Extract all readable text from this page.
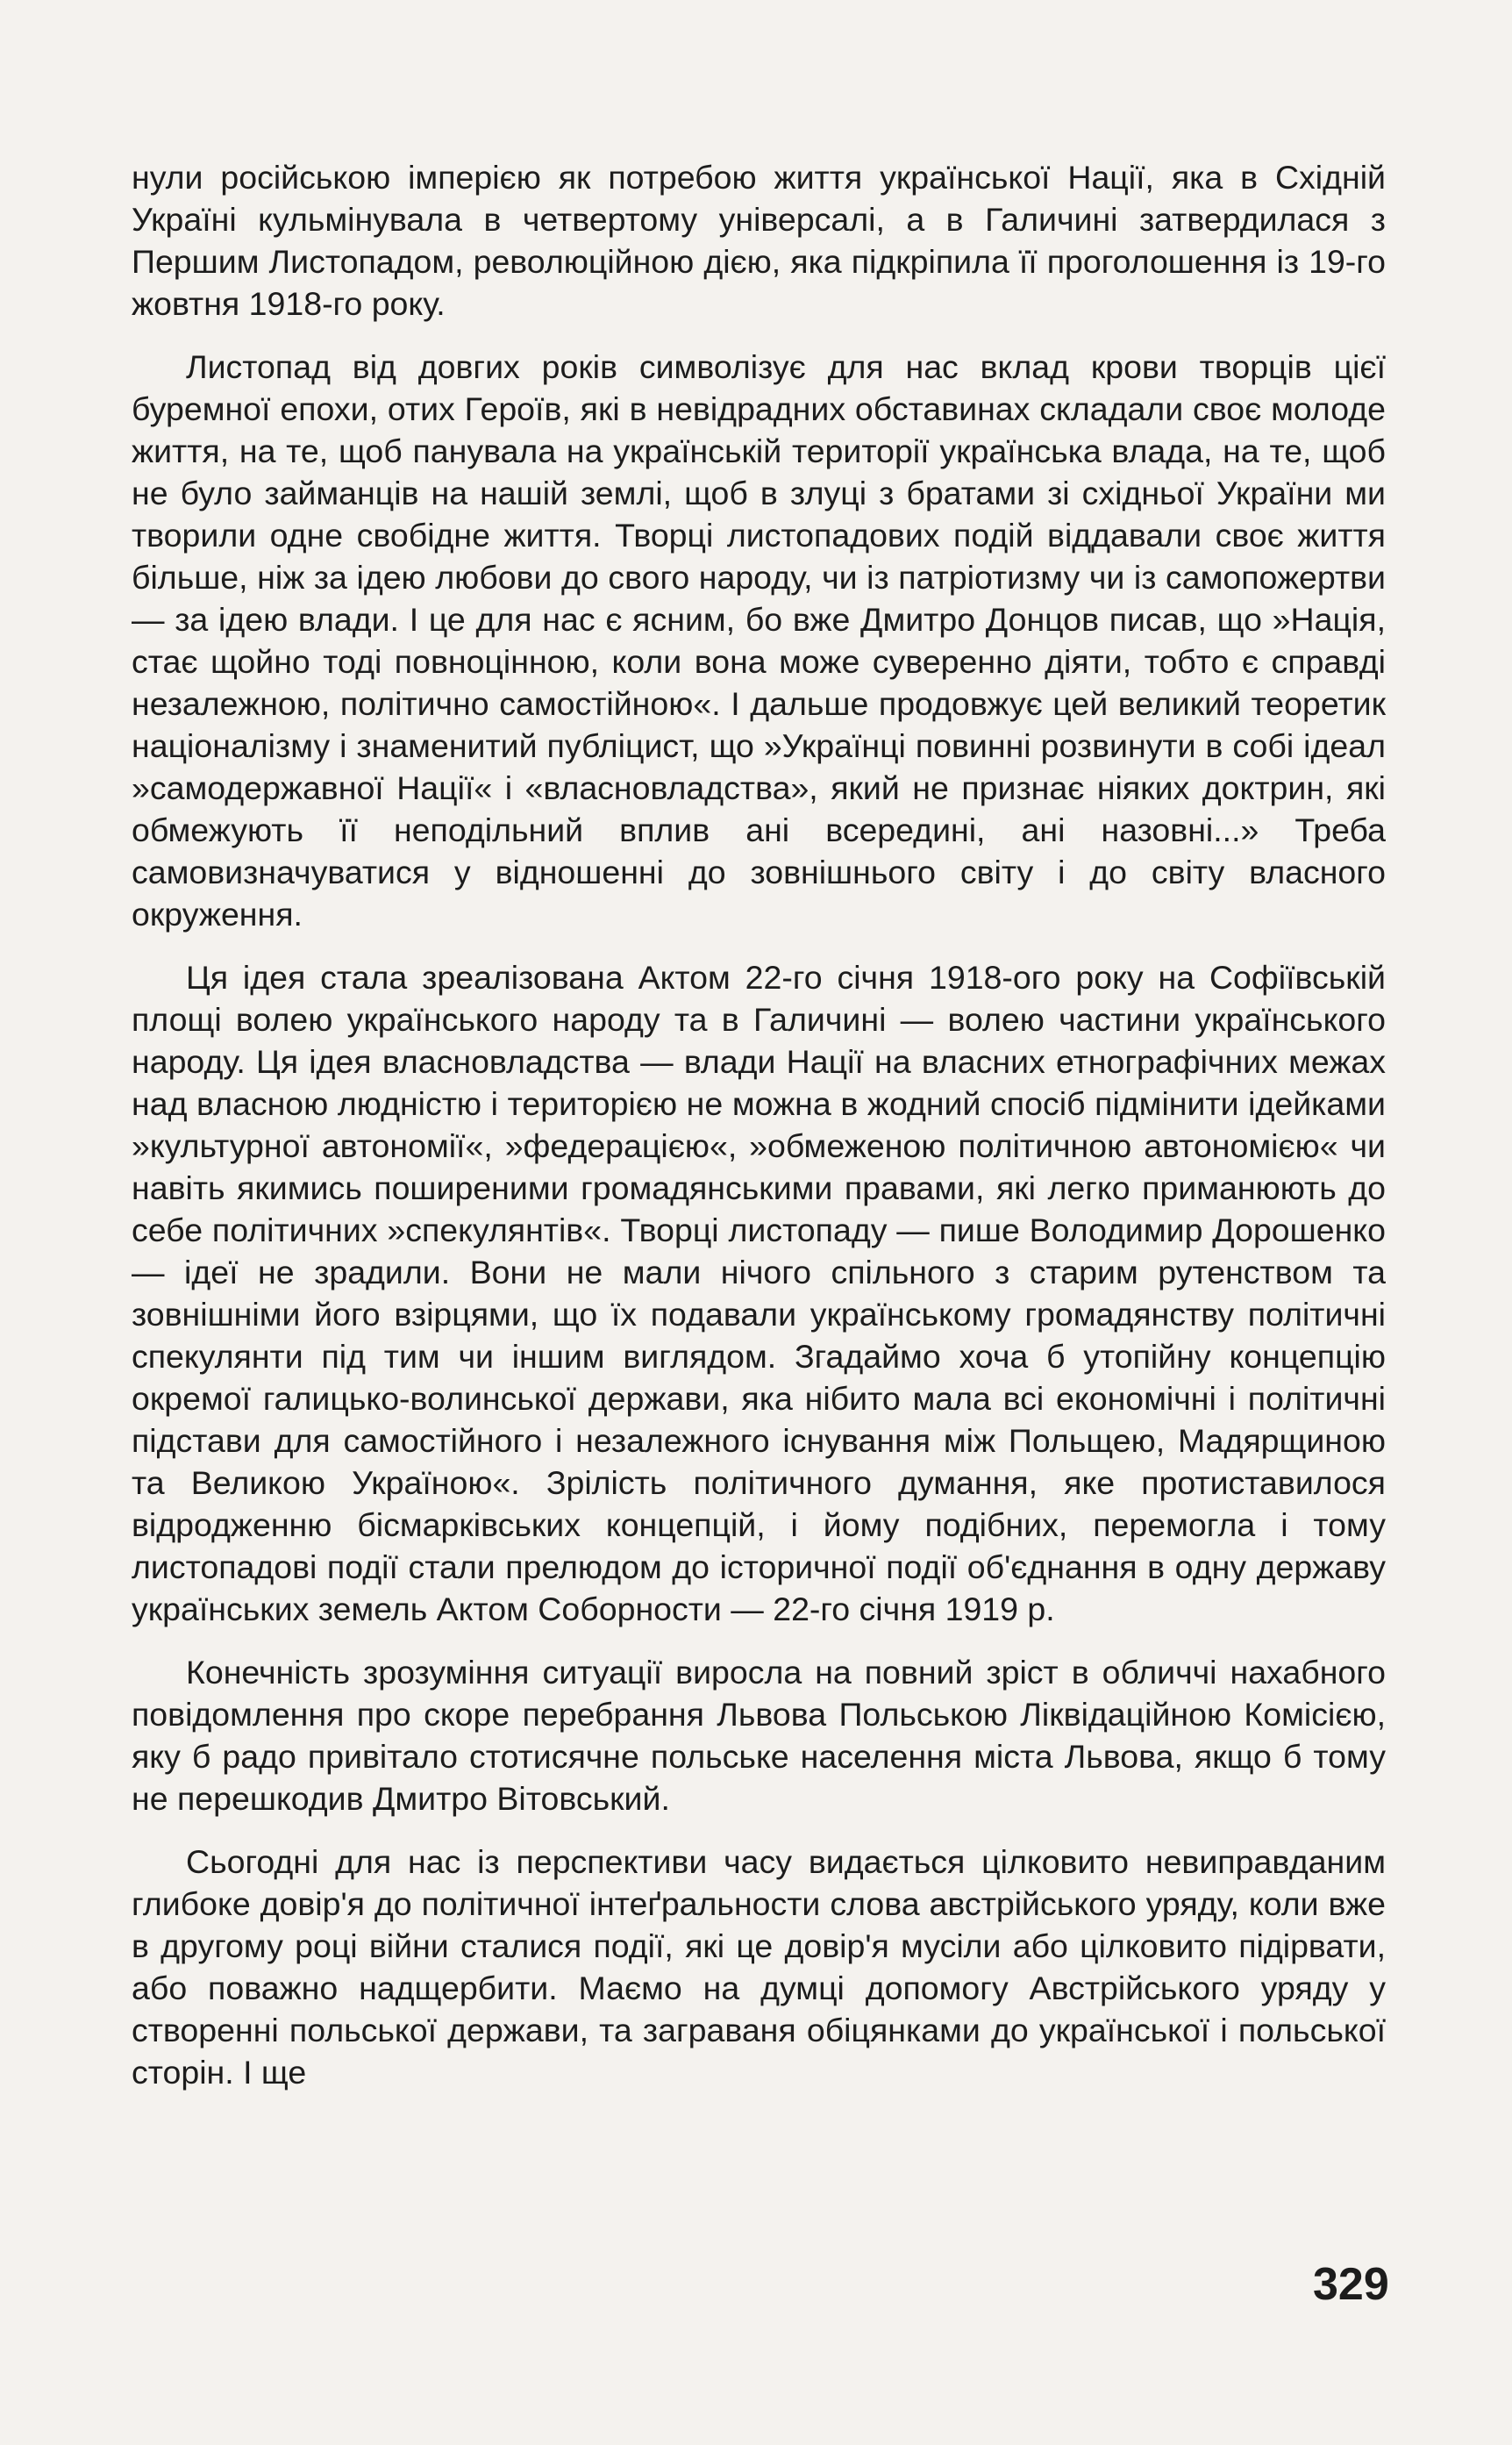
нули російською імперією як потребою життя української Нації, яка в Східній Україні кульмінувала в четвертому універсалі, а в Галичині затвердилася з Першим Листопадом, революційною дією, яка підкріпила її проголошення із 19-го жовтня 1918-го року.

Листопад від довгих років символізує для нас вклад крови творців цієї буремної епохи, отих Героїв, які в невідрадних обставинах складали своє молоде життя, на те, щоб панувала на українській території українська влада, на те, щоб не було займанців на нашій землі, щоб в злуці з братами зі східньої України ми творили одне свобідне життя. Творці листопадових подій віддавали своє життя більше, ніж за ідею любови до свого народу, чи із патріотизму чи із самопожертви — за ідею влади. І це для нас є ясним, бо вже Дмитро Донцов писав, що »Нація, стає щойно тоді повноцінною, коли вона може суверенно діяти, тобто є справді незалежною, політично самостійною«. І дальше продовжує цей великий теоретик націоналізму і знаменитий публіцист, що »Українці повинні розвинути в собі ідеал »самодержавної Нації« і «власновладства», який не признає ніяких доктрин, які обмежують її неподільний вплив ані всередині, ані назовні...» Треба самовизначуватися у відношенні до зовнішнього світу і до світу власного окруження.

Ця ідея стала зреалізована Актом 22-го січня 1918-ого року на Софіївській площі волею українського народу та в Галичині — волею частини українського народу. Ця ідея власновладства — влади Нації на власних етнографічних межах над власною людністю і територією не можна в жодний спосіб підмінити ідейками »культурної автономії«, »федерацією«, »обмеженою політичною автономією« чи навіть якимись поширеними громадянськими правами, які легко приманюють до себе політичних »спекулянтів«. Творці листопаду — пише Володимир Дорошенко — ідеї не зрадили. Вони не мали нічого спільного з старим рутенством та зовнішніми його взірцями, що їх подавали українському громадянству політичні спекулянти під тим чи іншим виглядом. Згадаймо хоча б утопійну концепцію окремої галицько-волинської держави, яка нібито мала всі економічні і політичні підстави для самостійного і незалежного існування між Польщею, Мадярщиною та Великою Україною«. Зрілість політичного думання, яке протиставилося відродженню бісмарківських концепцій, і йому подібних, перемогла і тому листопадові події стали прелюдом до історичної події об'єднання в одну державу українських земель Актом Соборности — 22-го січня 1919 р.

Конечність зрозуміння ситуації виросла на повний зріст в обличчі нахабного повідомлення про скоре перебрання Львова Польською Ліквідаційною Комісією, яку б радо привітало стотисячне польське населення міста Львова, якщо б тому не перешкодив Дмитро Вітовський.

Сьогодні для нас із перспективи часу видається цілковито невиправданим глибоке довір'я до політичної інтеґральности слова австрійського уряду, коли вже в другому році війни сталися події, які це довір'я мусіли або цілковито підірвати, або поважно надщербити. Маємо на думці допомогу Австрійського уряду у створенні польської держави, та заграваня обіцянками до української і польської сторін. І ще

329
